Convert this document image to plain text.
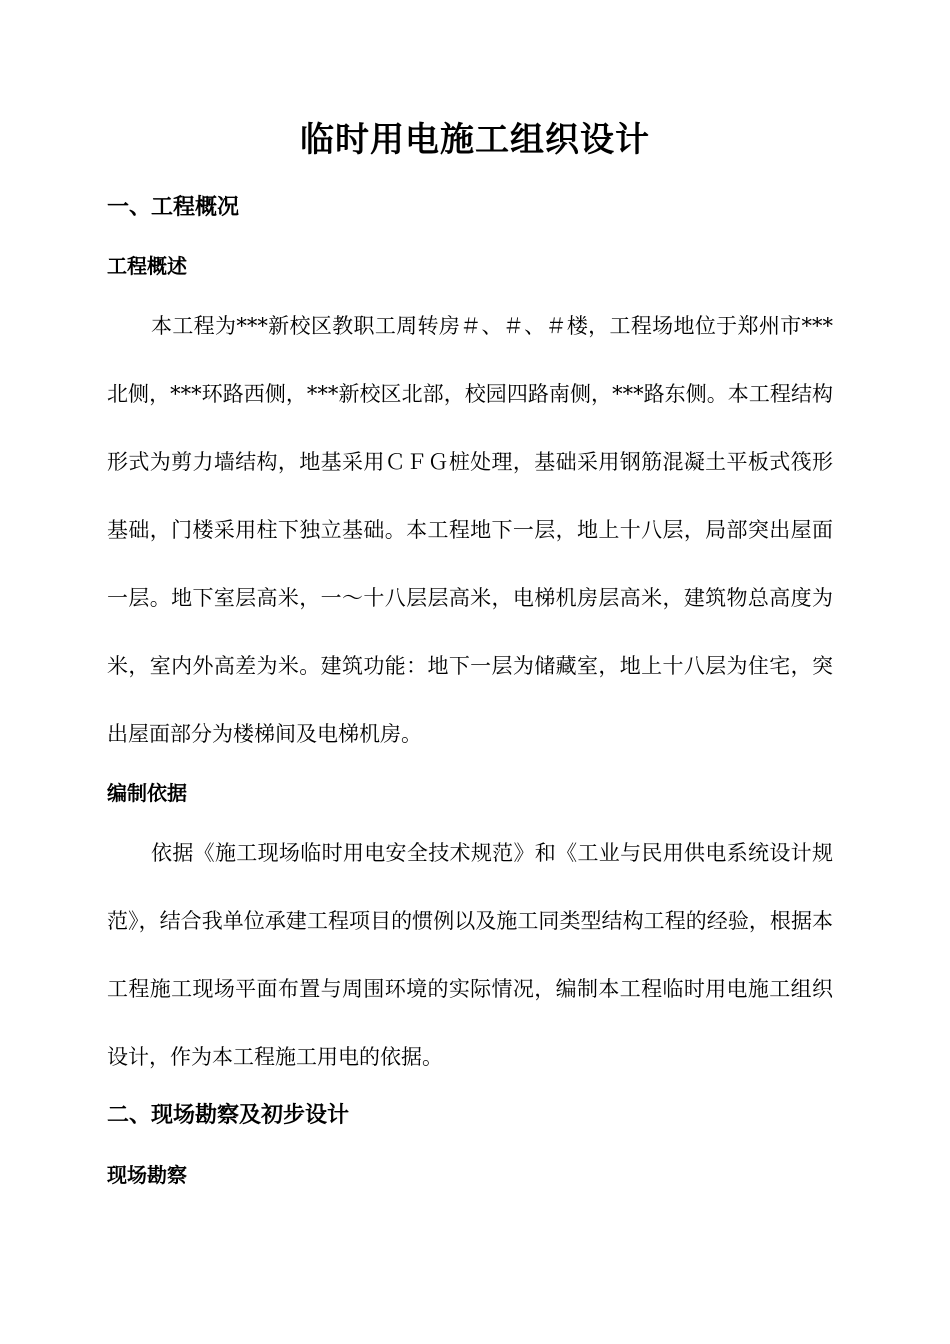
临时用电施工组织设计
一、工程概况
工程概述

本工程为***新校区教职工周转房＃、＃、＃楼，工程场地位于郑州市***北侧，***环路西侧，***新校区北部，校园四路南侧，***路东侧。本工程结构形式为剪力墙结构，地基采用ＣＦＧ桩处理，基础采用钢筋混凝土平板式筏形基础，门楼采用柱下独立基础。本工程地下一层，地上十八层，局部突出屋面一层。地下室层高米，一～十八层层高米，电梯机房层高米，建筑物总高度为米，室内外高差为米。建筑功能：地下一层为储藏室，地上十八层为住宅，突出屋面部分为楼梯间及电梯机房。

编制依据

依据《施工现场临时用电安全技术规范》和《工业与民用供电系统设计规范》，结合我单位承建工程项目的惯例以及施工同类型结构工程的经验，根据本工程施工现场平面布置与周围环境的实际情况，编制本工程临时用电施工组织设计，作为本工程施工用电的依据。

二、现场勘察及初步设计
现场勘察
